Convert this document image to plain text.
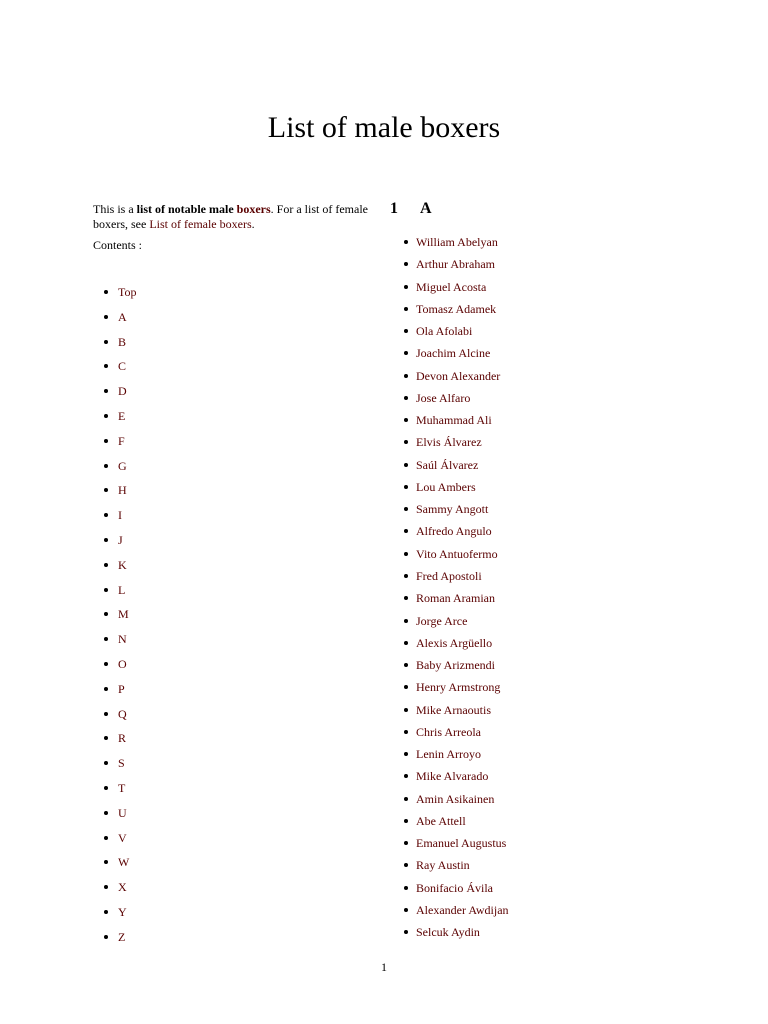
List of male boxers

This is a list of notable male boxers. For a list of female boxers, see List of female boxers.

Contents :
Top
A
B
C
D
E
F
G
H
I
J
K
L
M
N
O
P
Q
R
S
T
U
V
W
X
Y
Z
1 A
William Abelyan
Arthur Abraham
Miguel Acosta
Tomasz Adamek
Ola Afolabi
Joachim Alcine
Devon Alexander
Jose Alfaro
Muhammad Ali
Elvis Álvarez
Saúl Álvarez
Lou Ambers
Sammy Angott
Alfredo Angulo
Vito Antuofermo
Fred Apostoli
Roman Aramian
Jorge Arce
Alexis Argüello
Baby Arizmendi
Henry Armstrong
Mike Arnaoutis
Chris Arreola
Lenin Arroyo
Mike Alvarado
Amin Asikainen
Abe Attell
Emanuel Augustus
Ray Austin
Bonifacio Ávila
Alexander Awdijan
Selcuk Aydin
1
